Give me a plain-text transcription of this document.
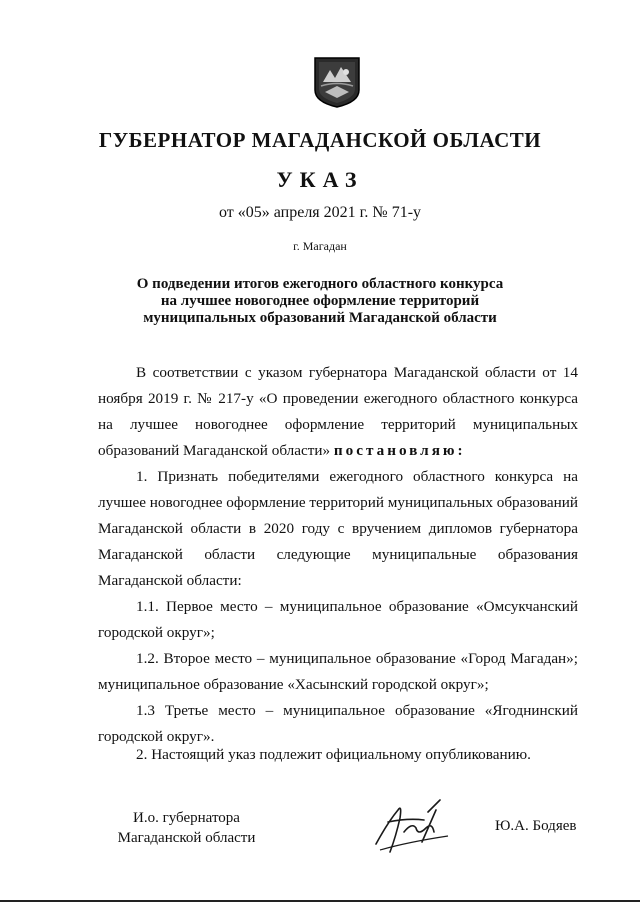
ГУБЕРНАТОР МАГАДАНСКОЙ ОБЛАСТИ
УКАЗ
от «05» апреля 2021 г. № 71-у
г. Магадан
О подведении итогов ежегодного областного конкурса
на лучшее новогоднее оформление территорий
муниципальных образований Магаданской области
В соответствии с указом губернатора Магаданской области от 14 ноября 2019 г. № 217-у «О проведении ежегодного областного конкурса на лучшее новогоднее оформление территорий муниципальных образований Магаданской области» постановляю:
1. Признать победителями ежегодного областного конкурса на лучшее новогоднее оформление территорий муниципальных образований Магаданской области в 2020 году с вручением дипломов губернатора Магаданской области следующие муниципальные образования Магаданской области:
1.1. Первое место – муниципальное образование «Омсукчанский городской округ»;
1.2. Второе место – муниципальное образование «Город Магадан»; муниципальное образование «Хасынский городской округ»;
1.3 Третье место – муниципальное образование «Ягоднинский городской округ».
2. Настоящий указ подлежит официальному опубликованию.
И.о. губернатора
Магаданской области
Ю.А. Бодяев
